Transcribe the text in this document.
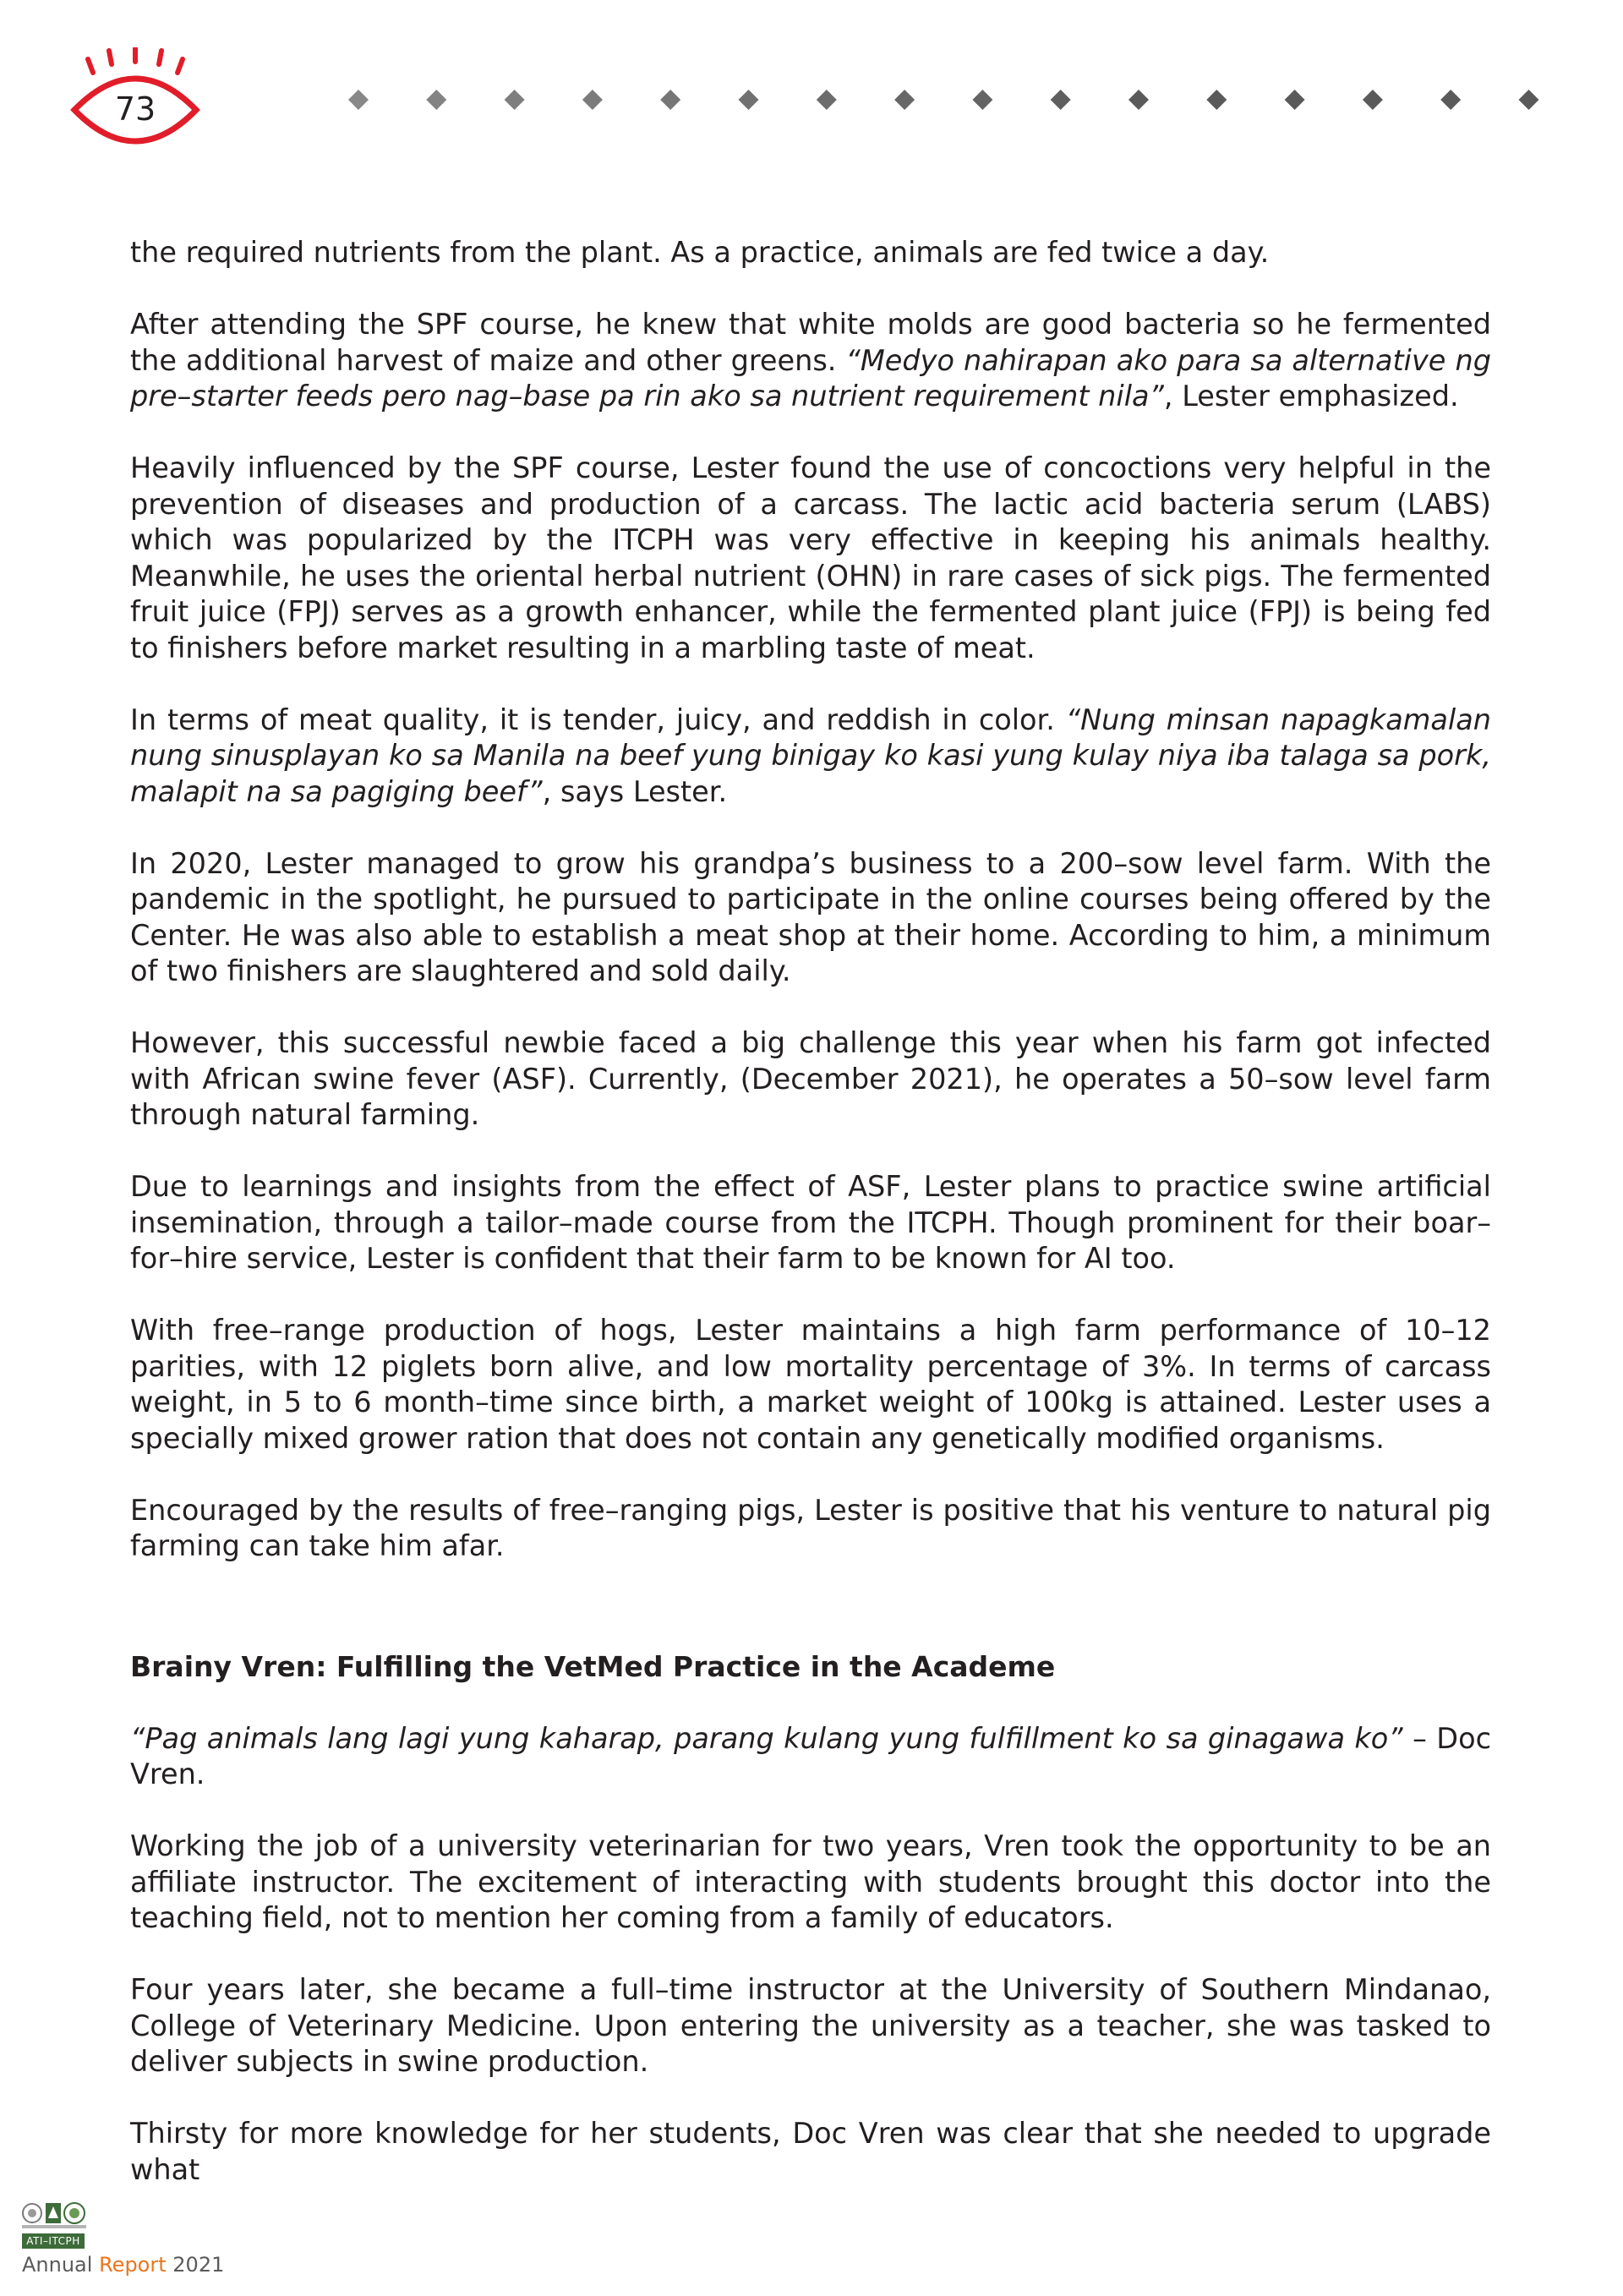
73

the required nutrients from the plant. As a practice, animals are fed twice a day.

After attending the SPF course, he knew that white molds are good bacteria so he fermented the additional harvest of maize and other greens. “Medyo nahirapan ako para sa alternative ng pre–starter feeds pero nag–base pa rin ako sa nutrient requirement nila”, Lester emphasized.

Heavily influenced by the SPF course, Lester found the use of concoctions very helpful in the prevention of diseases and production of a carcass. The lactic acid bacteria serum (LABS) which was popularized by the ITCPH was very effective in keeping his animals healthy. Meanwhile, he uses the oriental herbal nutrient (OHN) in rare cases of sick pigs. The fermented fruit juice (FPJ) serves as a growth enhancer, while the fermented plant juice (FPJ) is being fed to finishers before market resulting in a marbling taste of meat.

In terms of meat quality, it is tender, juicy, and reddish in color. “Nung minsan napagkamalan nung sinusplayan ko sa Manila na beef yung binigay ko kasi yung kulay niya iba talaga sa pork, malapit na sa pagiging beef”, says Lester.

In 2020, Lester managed to grow his grandpa’s business to a 200–sow level farm. With the pandemic in the spotlight, he pursued to participate in the online courses being offered by the Center. He was also able to establish a meat shop at their home. According to him, a minimum of two finishers are slaughtered and sold daily.

However, this successful newbie faced a big challenge this year when his farm got infected with African swine fever (ASF). Currently, (December 2021), he operates a 50–sow level farm through natural farming.

Due to learnings and insights from the effect of ASF, Lester plans to practice swine artificial insemination, through a tailor–made course from the ITCPH. Though prominent for their boar–for–hire service, Lester is confident that their farm to be known for AI too.

With free–range production of hogs, Lester maintains a high farm performance of 10–12 parities, with 12 piglets born alive, and low mortality percentage of 3%. In terms of carcass weight, in 5 to 6 month–time since birth, a market weight of 100kg is attained. Lester uses a specially mixed grower ration that does not contain any genetically modified organisms.

Encouraged by the results of free–ranging pigs, Lester is positive that his venture to natural pig farming can take him afar.

Brainy Vren: Fulfilling the VetMed Practice in the Academe

“Pag animals lang lagi yung kaharap, parang kulang yung fulfillment ko sa ginagawa ko” – Doc Vren.

Working the job of a university veterinarian for two years, Vren took the opportunity to be an affiliate instructor. The excitement of interacting with students brought this doctor into the teaching field, not to mention her coming from a family of educators.

Four years later, she became a full–time instructor at the University of Southern Mindanao, College of Veterinary Medicine. Upon entering the university as a teacher, she was tasked to deliver subjects in swine production.

Thirsty for more knowledge for her students, Doc Vren was clear that she needed to upgrade what

ATI–ITCPH
Annual Report 2021
